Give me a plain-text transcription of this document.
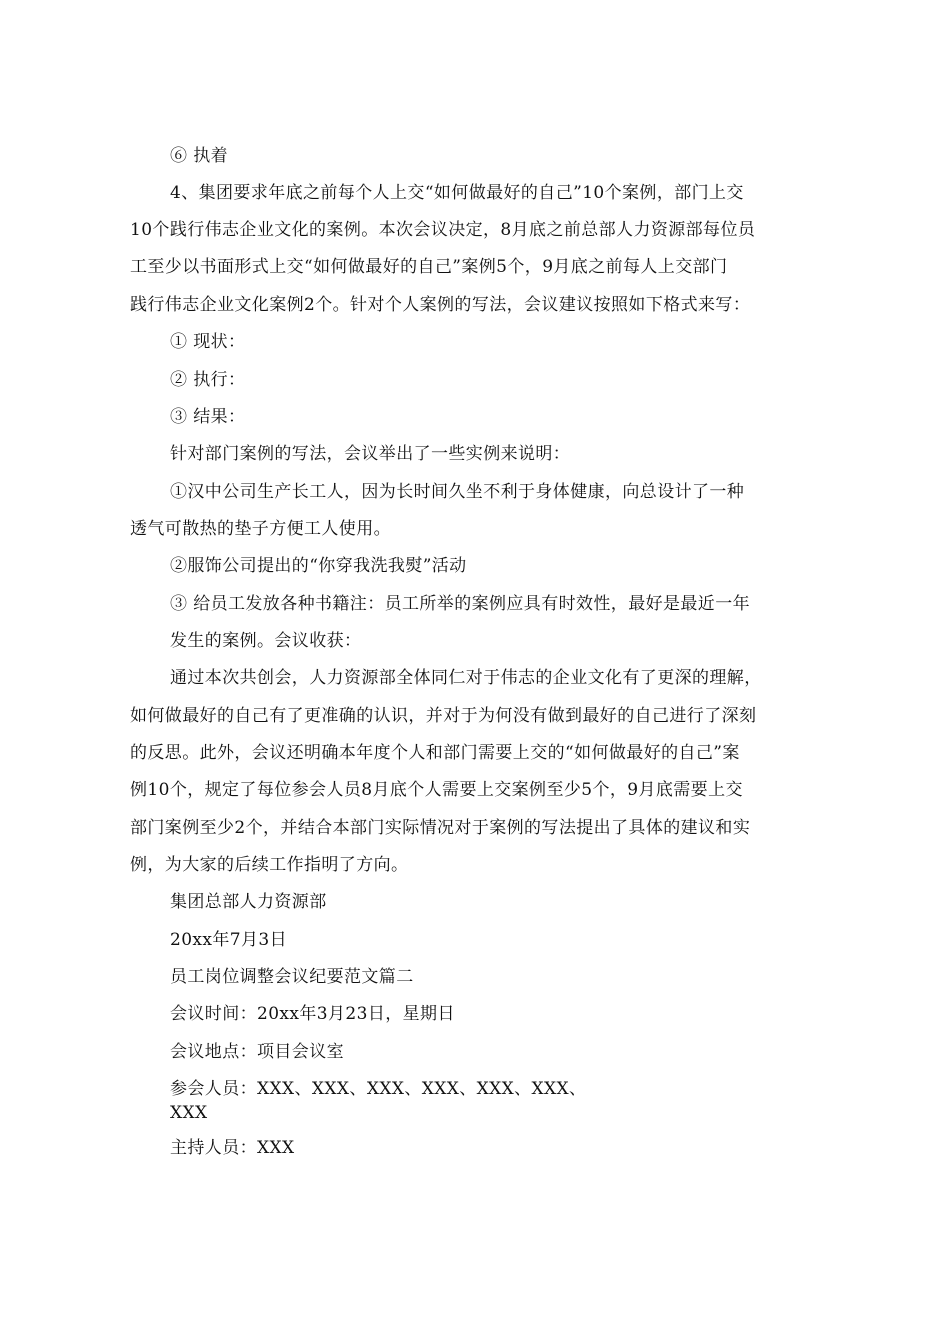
⑥ 执着
4、集团要求年底之前每个人上交“如何做最好的自己”10个案例，部门上交
10个践行伟志企业文化的案例。本次会议决定，8月底之前总部人力资源部每位员
工至少以书面形式上交“如何做最好的自己”案例5个，9月底之前每人上交部门
践行伟志企业文化案例2个。针对个人案例的写法，会议建议按照如下格式来写：
① 现状：
② 执行：
③ 结果：
针对部门案例的写法，会议举出了一些实例来说明：
①汉中公司生产长工人，因为长时间久坐不利于身体健康，向总设计了一种
透气可散热的垫子方便工人使用。
②服饰公司提出的“你穿我洗我熨”活动
③ 给员工发放各种书籍注：员工所举的案例应具有时效性，最好是最近一年
发生的案例。会议收获：
通过本次共创会，人力资源部全体同仁对于伟志的企业文化有了更深的理解，
如何做最好的自己有了更准确的认识，并对于为何没有做到最好的自己进行了深刻
的反思。此外，会议还明确本年度个人和部门需要上交的“如何做最好的自己”案
例10个，规定了每位参会人员8月底个人需要上交案例至少5个，9月底需要上交
部门案例至少2个，并结合本部门实际情况对于案例的写法提出了具体的建议和实
例，为大家的后续工作指明了方向。
集团总部人力资源部
20xx年7月3日
员工岗位调整会议纪要范文篇二
会议时间：20xx年3月23日，星期日
会议地点：项目会议室
参会人员：XXX、XXX、XXX、XXX、XXX、XXX、
XXX
主持人员：XXX
